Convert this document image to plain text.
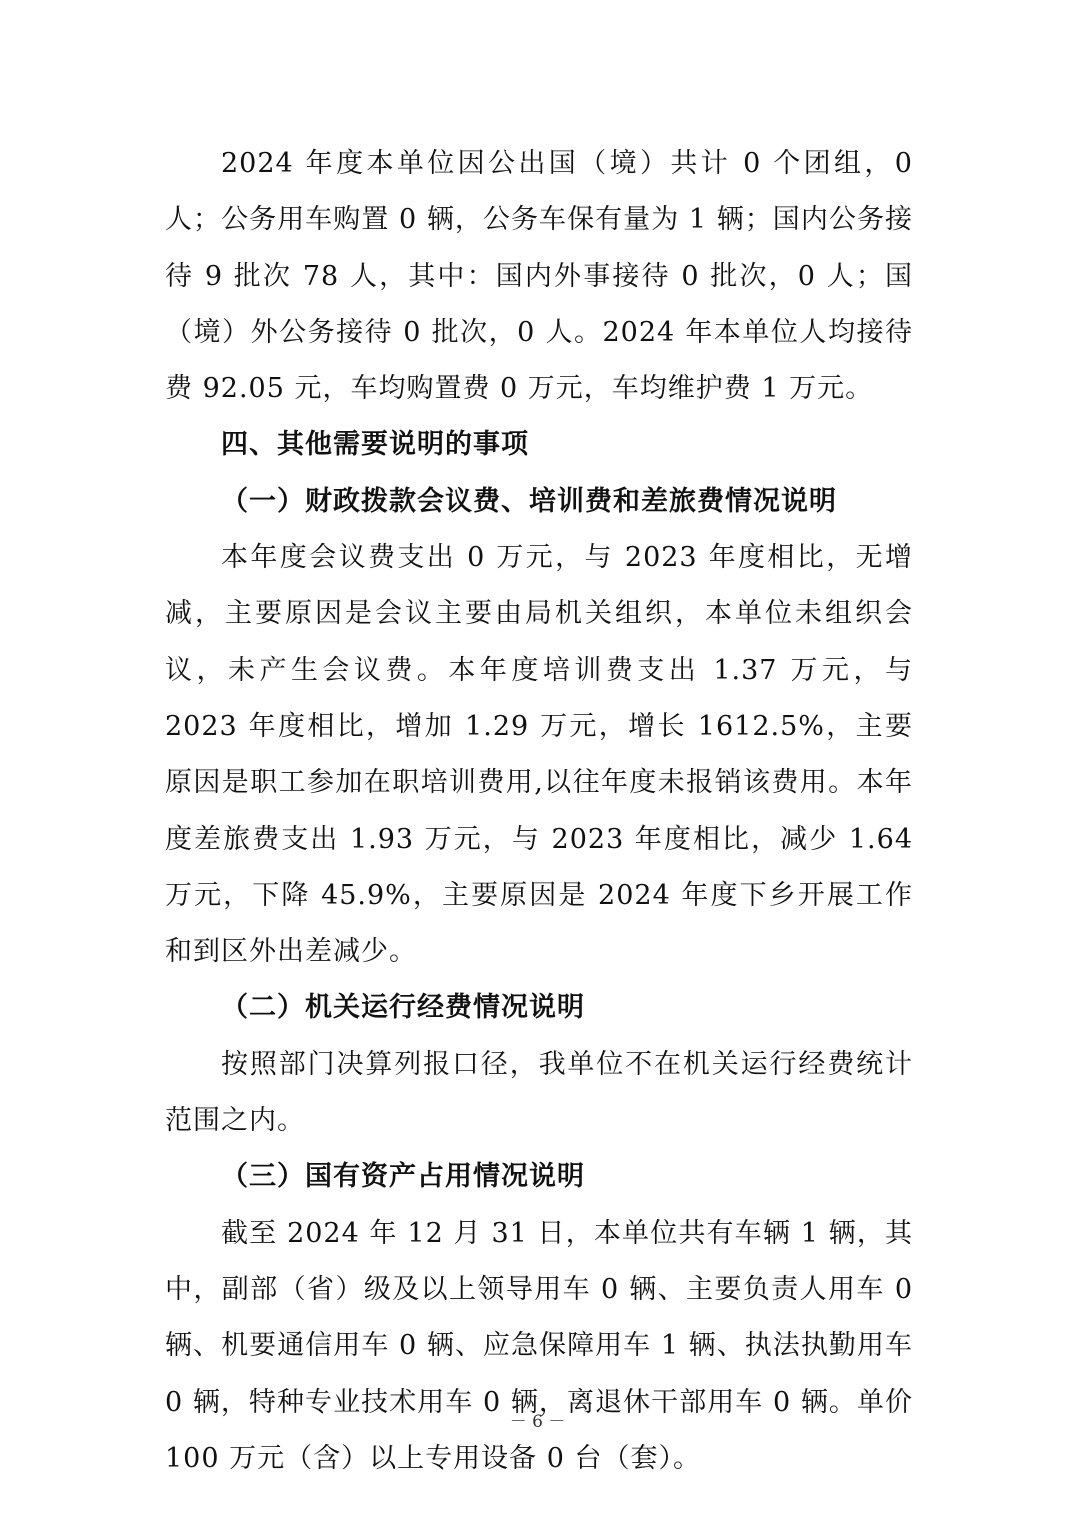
2024 年度本单位因公出国（境）共计 0 个团组，0 人；公务用车购置 0 辆，公务车保有量为 1 辆；国内公务接待 9 批次 78 人，其中：国内外事接待 0 批次，0 人；国（境）外公务接待 0 批次，0 人。2024 年本单位人均接待费 92.05 元，车均购置费 0 万元，车均维护费 1 万元。

四、其他需要说明的事项

（一）财政拨款会议费、培训费和差旅费情况说明

本年度会议费支出 0 万元，与 2023 年度相比，无增减，主要原因是会议主要由局机关组织，本单位未组织会议，未产生会议费。本年度培训费支出 1.37 万元，与 2023 年度相比，增加 1.29 万元，增长 1612.5%，主要原因是职工参加在职培训费用,以往年度未报销该费用。本年度差旅费支出 1.93 万元，与 2023 年度相比，减少 1.64 万元，下降 45.9%，主要原因是 2024 年度下乡开展工作和到区外出差减少。

（二）机关运行经费情况说明

按照部门决算列报口径，我单位不在机关运行经费统计范围之内。

（三）国有资产占用情况说明

截至 2024 年 12 月 31 日，本单位共有车辆 1 辆，其中，副部（省）级及以上领导用车 0 辆、主要负责人用车 0 辆、机要通信用车 0 辆、应急保障用车 1 辆、执法执勤用车 0 辆，特种专业技术用车 0 辆，离退休干部用车 0 辆。单价 100 万元（含）以上专用设备 0 台（套）。

－ 6 －
